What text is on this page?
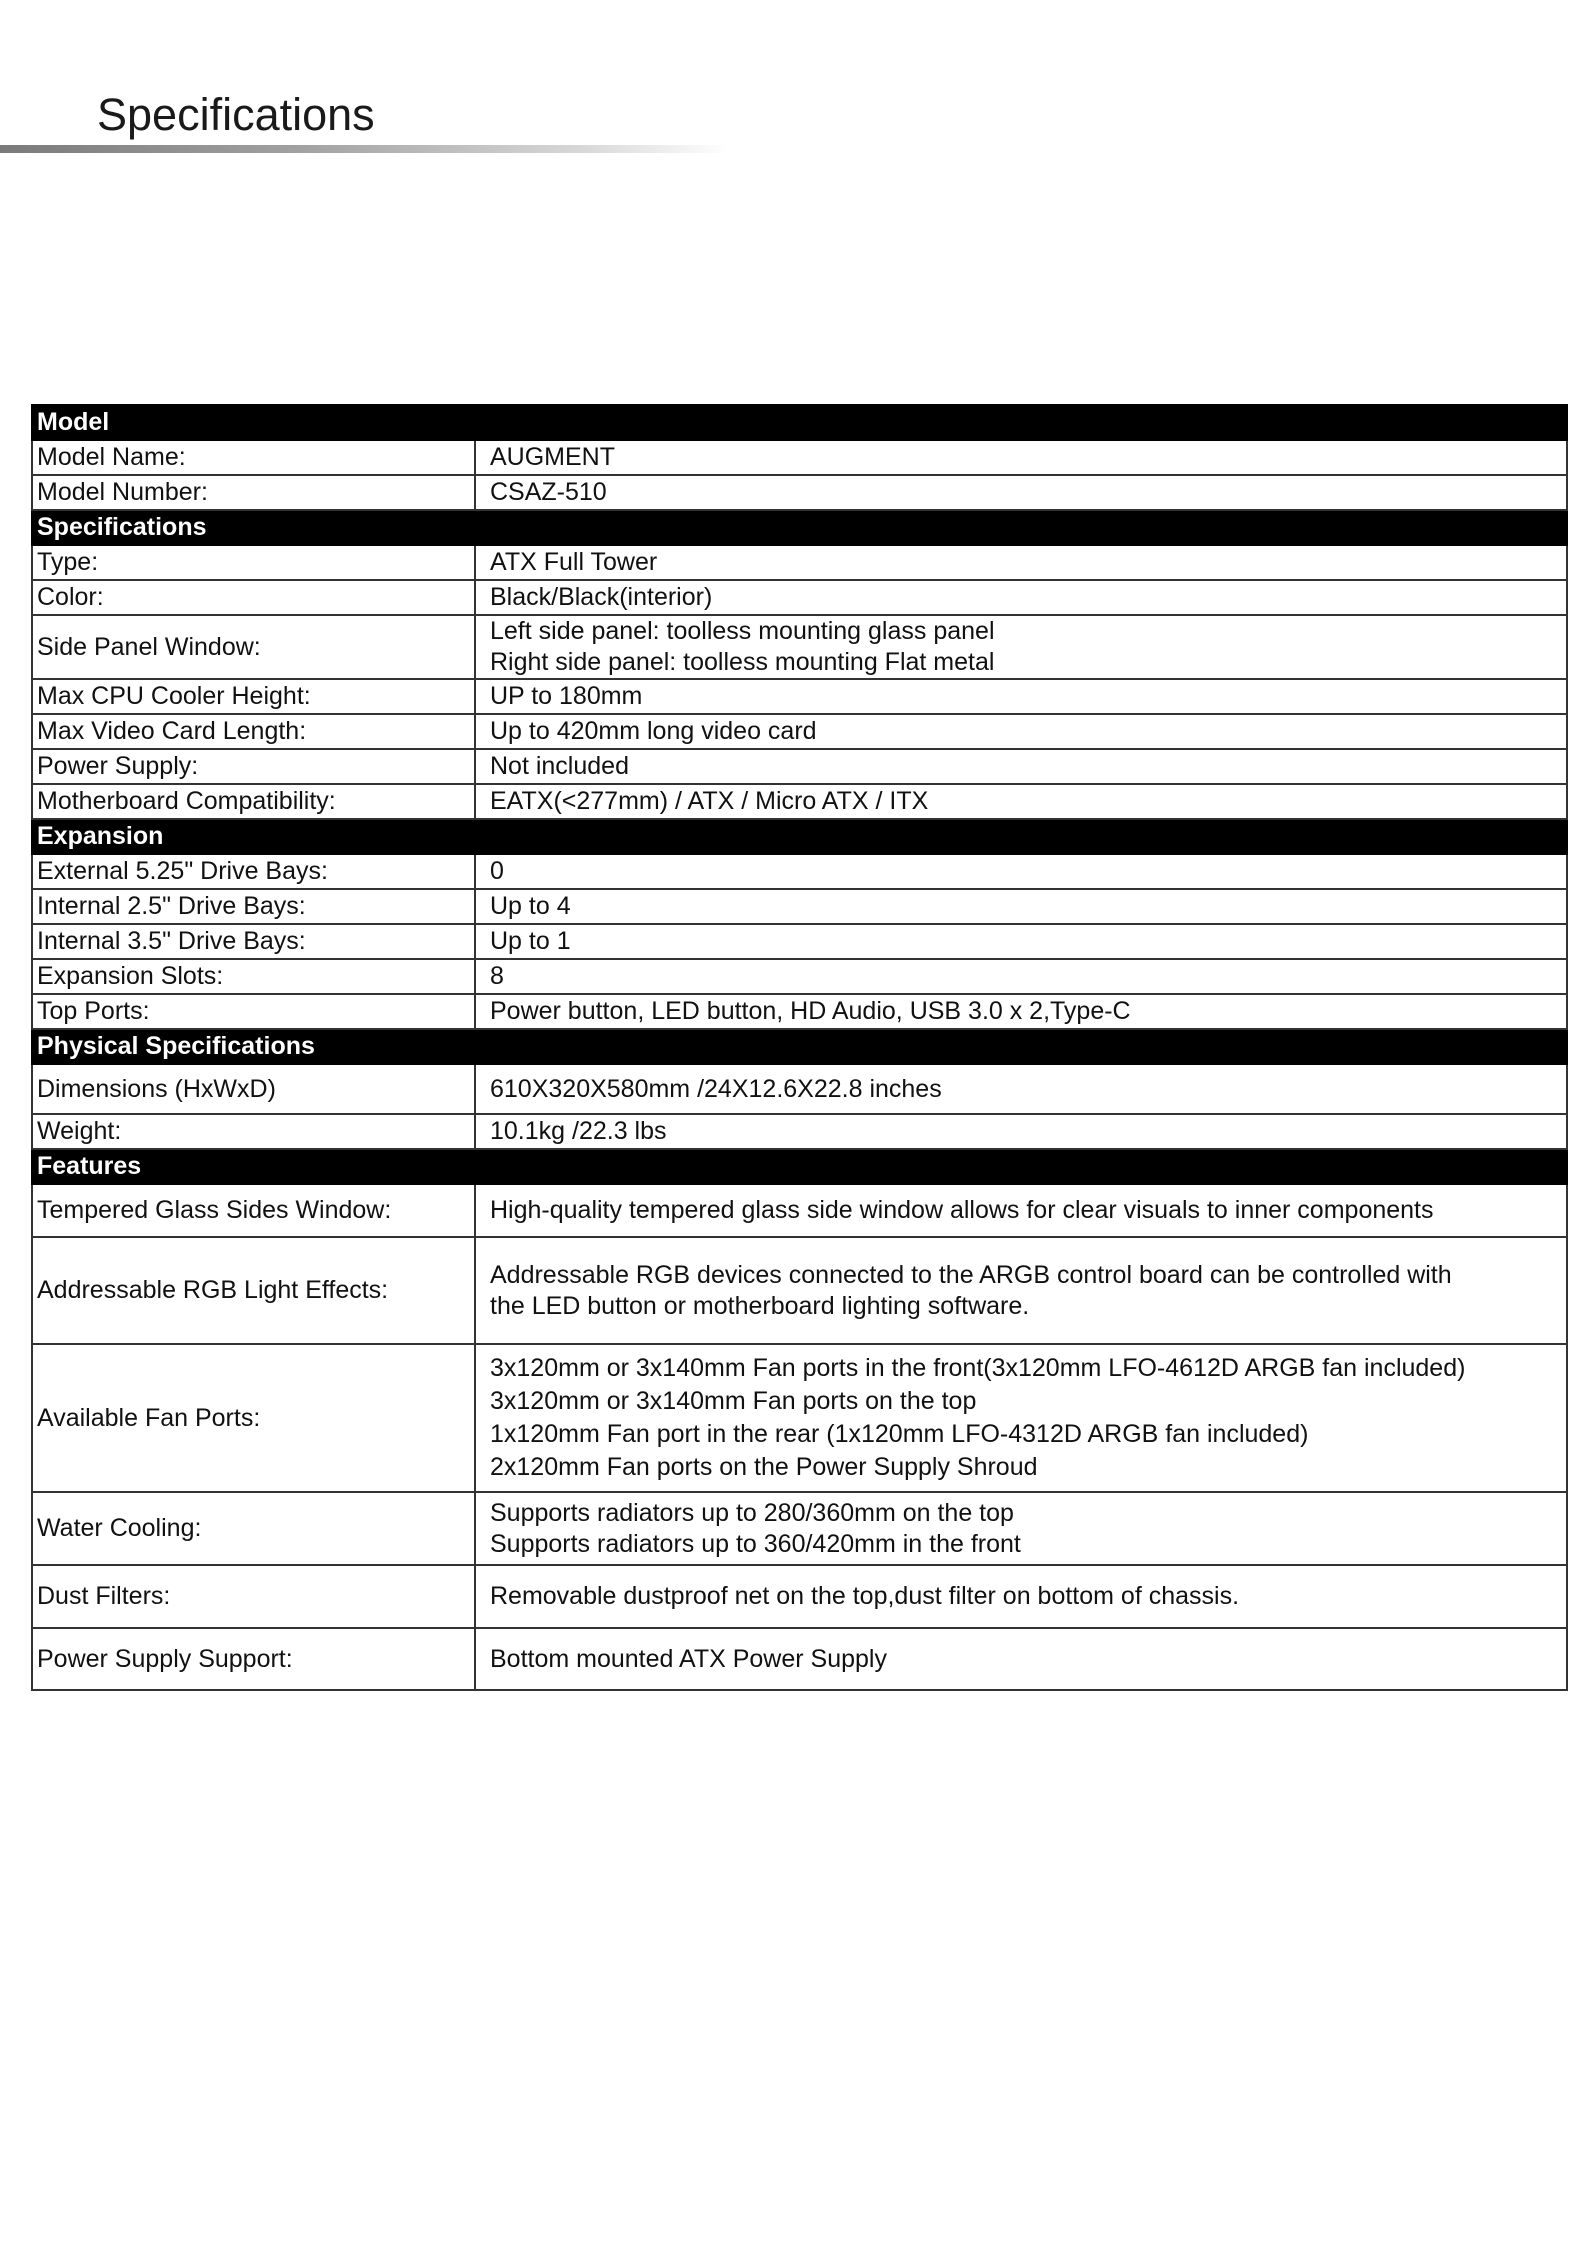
Specifications
Model	
Model Name:	AUGMENT

Model Number:	CSAZ-510

Specifications	
Type:	ATX Full Tower

Color:	Black/Black(interior)

Side Panel Window:	Left side panel: toolless mounting glass panel
Right side panel: toolless mounting Flat metal

Max CPU Cooler Height:	UP to 180mm

Max Video Card Length:	Up to 420mm long video card

Power Supply:	Not included

Motherboard Compatibility:	EATX(<277mm) / ATX / Micro ATX / ITX

Expansion	
External 5.25" Drive Bays:	0

Internal 2.5" Drive Bays:	Up to 4

Internal 3.5" Drive Bays:	Up to 1

Expansion Slots:	8

Top Ports:	Power button, LED button, HD Audio, USB 3.0 x 2,Type-C

Physical Specifications	
Dimensions (HxWxD)	610X320X580mm /24X12.6X22.8 inches

Weight:	10.1kg /22.3 lbs

Features	
Tempered Glass Sides Window:	High-quality tempered glass side window allows for clear visuals to inner components

Addressable RGB Light Effects:	Addressable RGB devices connected to the ARGB control board can be controlled with
the LED button or motherboard lighting software.

Available Fan Ports:	3x120mm or 3x140mm Fan ports in the front(3x120mm LFO-4612D ARGB fan included)
3x120mm or 3x140mm Fan ports on the top
1x120mm Fan port in the rear (1x120mm LFO-4312D ARGB fan included)
2x120mm Fan ports on the Power Supply Shroud

Water Cooling:	Supports radiators up to 280/360mm on the top
Supports radiators up to 360/420mm in the front

Dust Filters:	Removable dustproof net on the top,dust filter on bottom of chassis.

Power Supply Support:	Bottom mounted ATX Power Supply
